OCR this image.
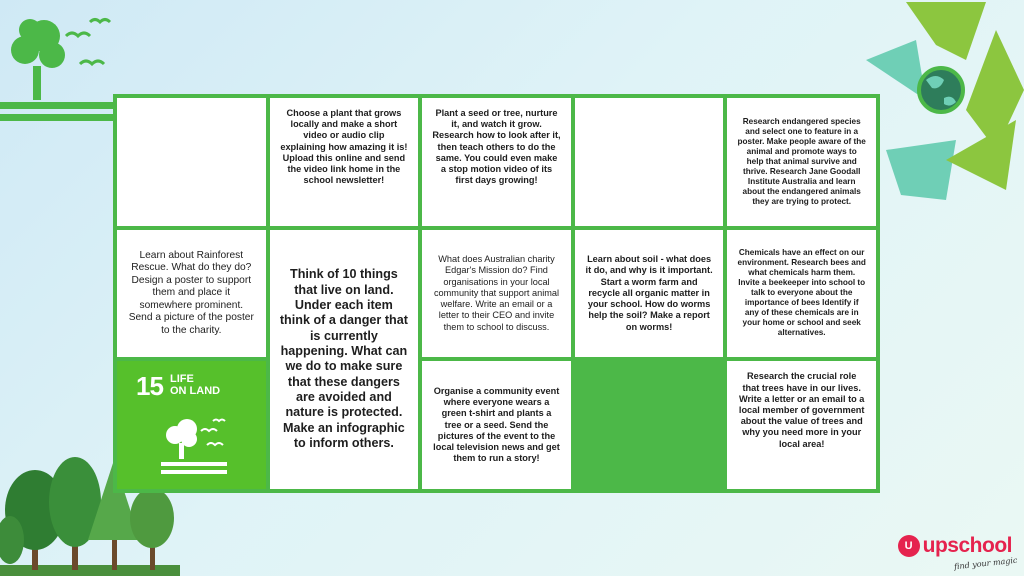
Choose a plant that grows locally and make a short video or audio clip explaining how amazing it is! Upload this online and send the video link home in the school newsletter!
Plant a seed or tree, nurture it, and watch it grow. Research how to look after it, then teach others to do the same. You could even make a stop motion video of its first days growing!
Research endangered species and select one to feature in a poster. Make people aware of the animal and promote ways to help that animal survive and thrive. Research Jane Goodall Institute Australia and learn about the endangered animals they are trying to protect.
Learn about Rainforest Rescue. What do they do? Design a poster to support them and place it somewhere prominent. Send a picture of the poster to the charity.
Think of 10 things that live on land. Under each item think of a danger that is currently happening. What can we do to make sure that these dangers are avoided and nature is protected. Make an infographic to inform others.
What does Australian charity Edgar's Mission do? Find organisations in your local community that support animal welfare. Write an email or a letter to their CEO and invite them to school to discuss.
Learn about soil - what does it do, and why is it important. Start a worm farm and recycle all organic matter in your school. How do worms help the soil? Make a report on worms!
Chemicals have an effect on our environment. Research bees and what chemicals harm them. Invite a beekeeper into school to talk to everyone about the importance of bees Identify if any of these chemicals are in your home or school and seek alternatives.
15 LIFE
ON LAND	Organise a community event where everyone wears a green t-shirt and plants a tree or a seed. Send the pictures of the event to the local television news and get them to run a story!
Research the crucial role that trees have in our lives. Write a letter or an email to a local member of government about the value of trees and why you need more in your local area!
U upschool
find your magic
